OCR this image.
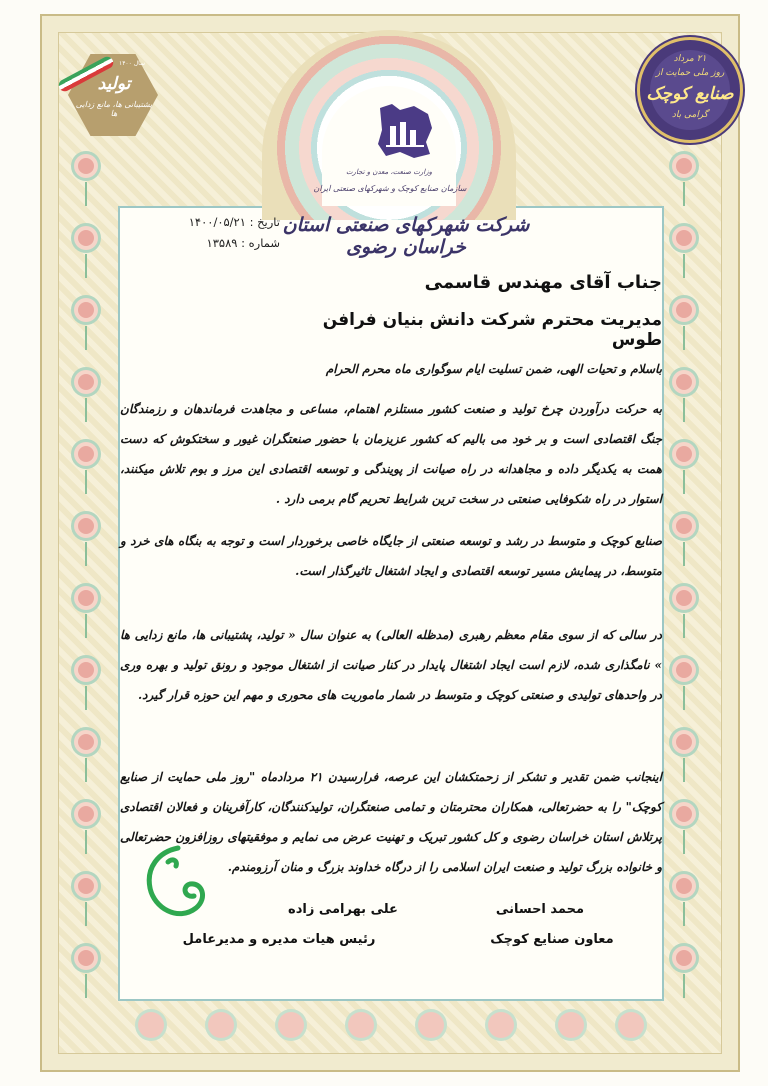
وزارت صنعت، معدن و تجارت
سازمان صنایع کوچک و شهرکهای صنعتی ایران
شرکت شهرکهای صنعتی استان خراسان رضوی
تاریخ : ۱۴۰۰/۰۵/۲۱
شماره : ۱۳۵۸۹
سال ۱۴۰۰
تولید
پشتیبانی ها، مانع زدایی ها
۲۱ مرداد
روز ملی حمایت از
صنایع کوچک
گرامی باد
جناب آقای مهندس قاسمی
مدیریت محترم شرکت دانش بنیان فرافن طوس
باسلام و تحیات الهی، ضمن تسلیت ایام سوگواری ماه محرم الحرام
به حرکت درآوردن چرخ تولید و صنعت کشور مستلزم اهتمام، مساعی و مجاهدت فرماندهان و رزمندگان جنگ اقتصادی است و بر خود می بالیم که کشور عزیزمان با حضور صنعتگران غیور و سختکوش که دست همت به یکدیگر داده و مجاهدانه در راه صیانت از پویندگی و توسعه اقتصادی این مرز و بوم تلاش میکنند، استوار در راه شکوفایی صنعتی در سخت ترین شرایط تحریم گام برمی دارد .
صنایع کوچک و متوسط در رشد و توسعه صنعتی از جایگاه خاصی برخوردار است و توجه به بنگاه های خرد و متوسط، در پیمایش مسیر توسعه اقتصادی و ایجاد اشتغال تاثیرگذار است.
در سالی که از سوی مقام معظم رهبری (مدظله العالی) به عنوان سال « تولید، پشتیبانی ها، مانع زدایی ها » نامگذاری شده، لازم است ایجاد اشتغال پایدار در کنار صیانت از اشتغال موجود و رونق تولید و بهره وری در واحدهای تولیدی و صنعتی کوچک و متوسط در شمار ماموریت های محوری و مهم این حوزه قرار گیرد.
اینجانب ضمن تقدیر و تشکر از زحمتکشان این عرصه، فرارسیدن ۲۱ مردادماه "روز ملی حمایت از صنایع کوچک" را به حضرتعالی، همکاران محترمتان و تمامی صنعتگران، تولیدکنندگان، کارآفرینان و فعالان اقتصادی پرتلاش استان خراسان رضوی و کل کشور تبریک و تهنیت عرض می نمایم و موفقیتهای روزافزون حضرتعالی و خانواده بزرگ تولید و صنعت ایران اسلامی را از درگاه خداوند بزرگ و منان آرزومندم.
محمد احسانی
معاون صنایع کوچک
علی بهرامی زاده
رئیس هیات مدیره و مدیرعامل
